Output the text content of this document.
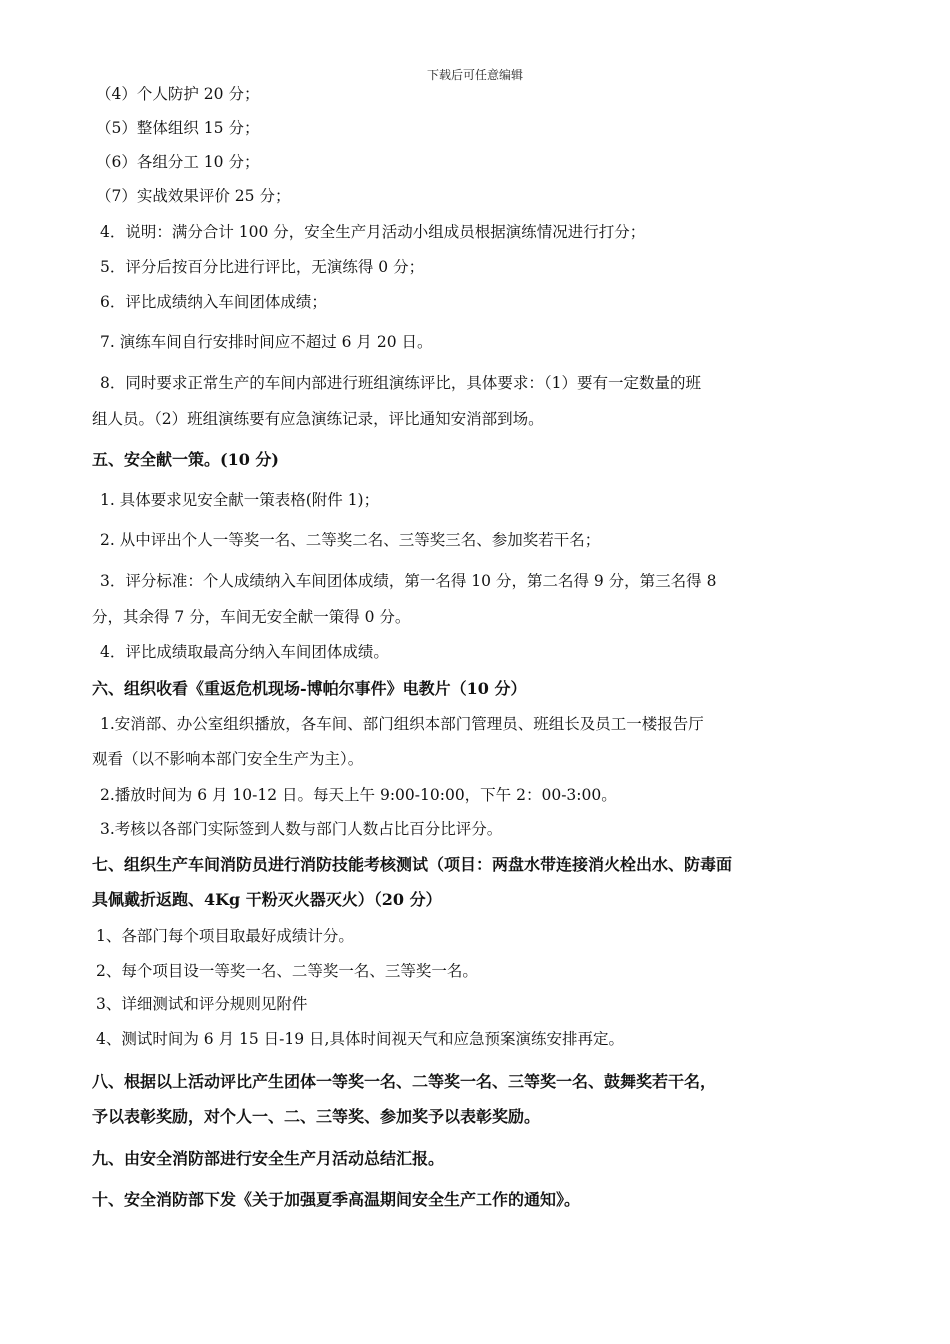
下载后可任意编辑
（4）个人防护 20 分；
（5）整体组织 15 分；
（6）各组分工 10 分；
（7）实战效果评价 25 分；
4．说明：满分合计 100 分，安全生产月活动小组成员根据演练情况进行打分；
5．评分后按百分比进行评比，无演练得 0 分；
6．评比成绩纳入车间团体成绩；
7. 演练车间自行安排时间应不超过 6 月 20 日。
8．同时要求正常生产的车间内部进行班组演练评比，具体要求：（1）要有一定数量的班
组人员。（2）班组演练要有应急演练记录，评比通知安消部到场。
五、安全献一策。(10 分)
1. 具体要求见安全献一策表格(附件 1)；
2. 从中评出个人一等奖一名、二等奖二名、三等奖三名、参加奖若干名；
3．评分标准：个人成绩纳入车间团体成绩，第一名得 10 分，第二名得 9 分，第三名得 8
分，其余得 7 分，车间无安全献一策得 0 分。
4．评比成绩取最高分纳入车间团体成绩。
六、组织收看《重返危机现场-博帕尔事件》电教片（10 分）
1.安消部、办公室组织播放，各车间、部门组织本部门管理员、班组长及员工一楼报告厅
观看（以不影响本部门安全生产为主）。
2.播放时间为 6 月 10-12 日。每天上午 9:00-10:00，下午 2：00-3:00。
3.考核以各部门实际签到人数与部门人数占比百分比评分。
七、组织生产车间消防员进行消防技能考核测试（项目：两盘水带连接消火栓出水、防毒面
具佩戴折返跑、4Kg 干粉灭火器灭火）（20 分）
1、各部门每个项目取最好成绩计分。
2、每个项目设一等奖一名、二等奖一名、三等奖一名。
3、详细测试和评分规则见附件
4、测试时间为 6 月 15 日-19 日,具体时间视天气和应急预案演练安排再定。
八、根据以上活动评比产生团体一等奖一名、二等奖一名、三等奖一名、鼓舞奖若干名，
予以表彰奖励，对个人一、二、三等奖、参加奖予以表彰奖励。
九、由安全消防部进行安全生产月活动总结汇报。
十、安全消防部下发《关于加强夏季高温期间安全生产工作的通知》。
